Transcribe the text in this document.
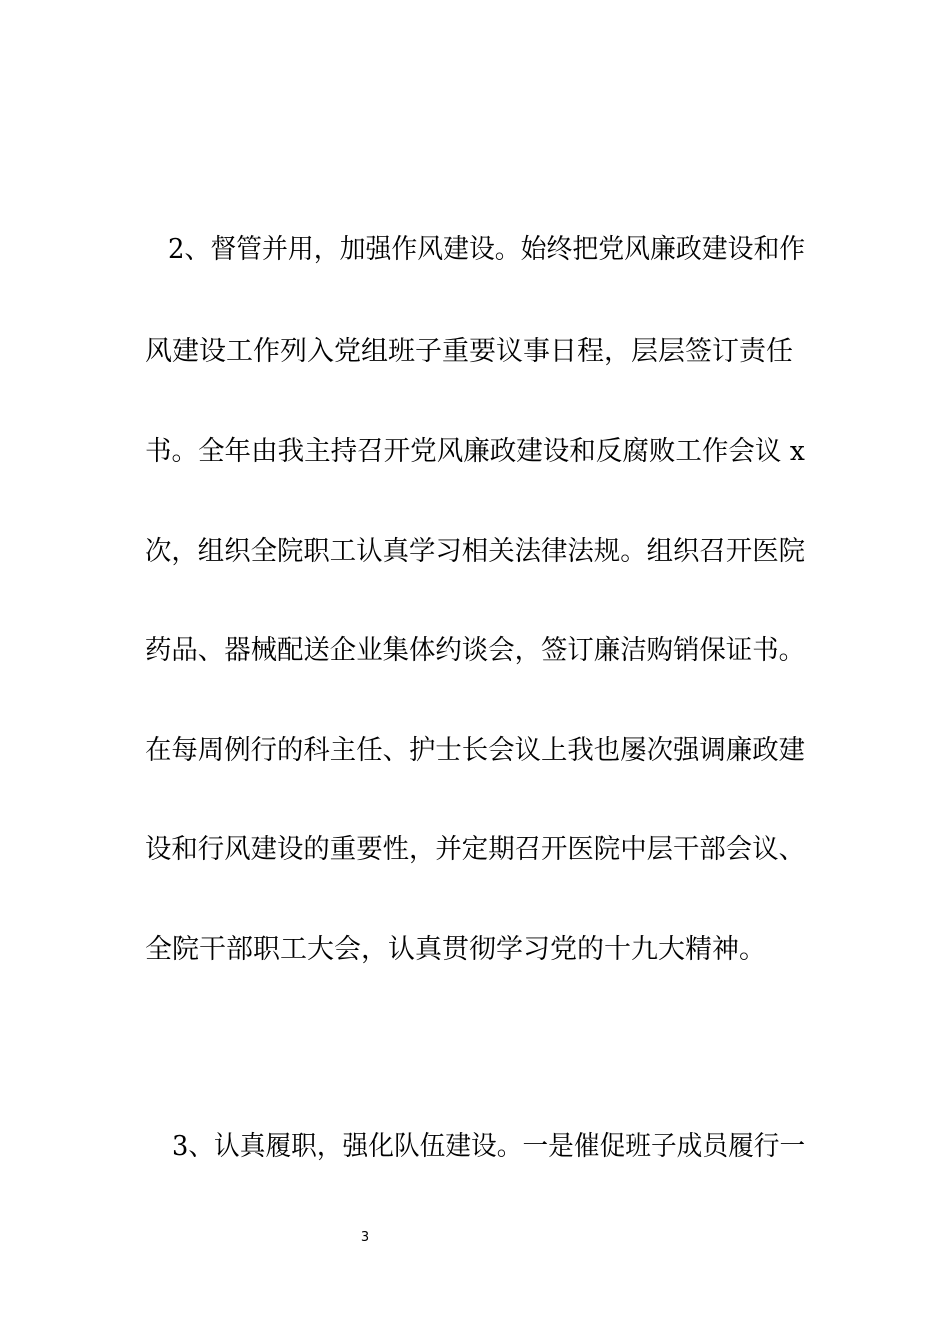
2、督管并用，加强作风建设。始终把党风廉政建设和作
风建设工作列入党组班子重要议事日程，层层签订责任
书。全年由我主持召开党风廉政建设和反腐败工作会议 x
次，组织全院职工认真学习相关法律法规。组织召开医院
药品、器械配送企业集体约谈会，签订廉洁购销保证书。
在每周例行的科主任、护士长会议上我也屡次强调廉政建
设和行风建设的重要性，并定期召开医院中层干部会议、
全院干部职工大会，认真贯彻学习党的十九大精神。
3、认真履职，强化队伍建设。一是催促班子成员履行一
3
